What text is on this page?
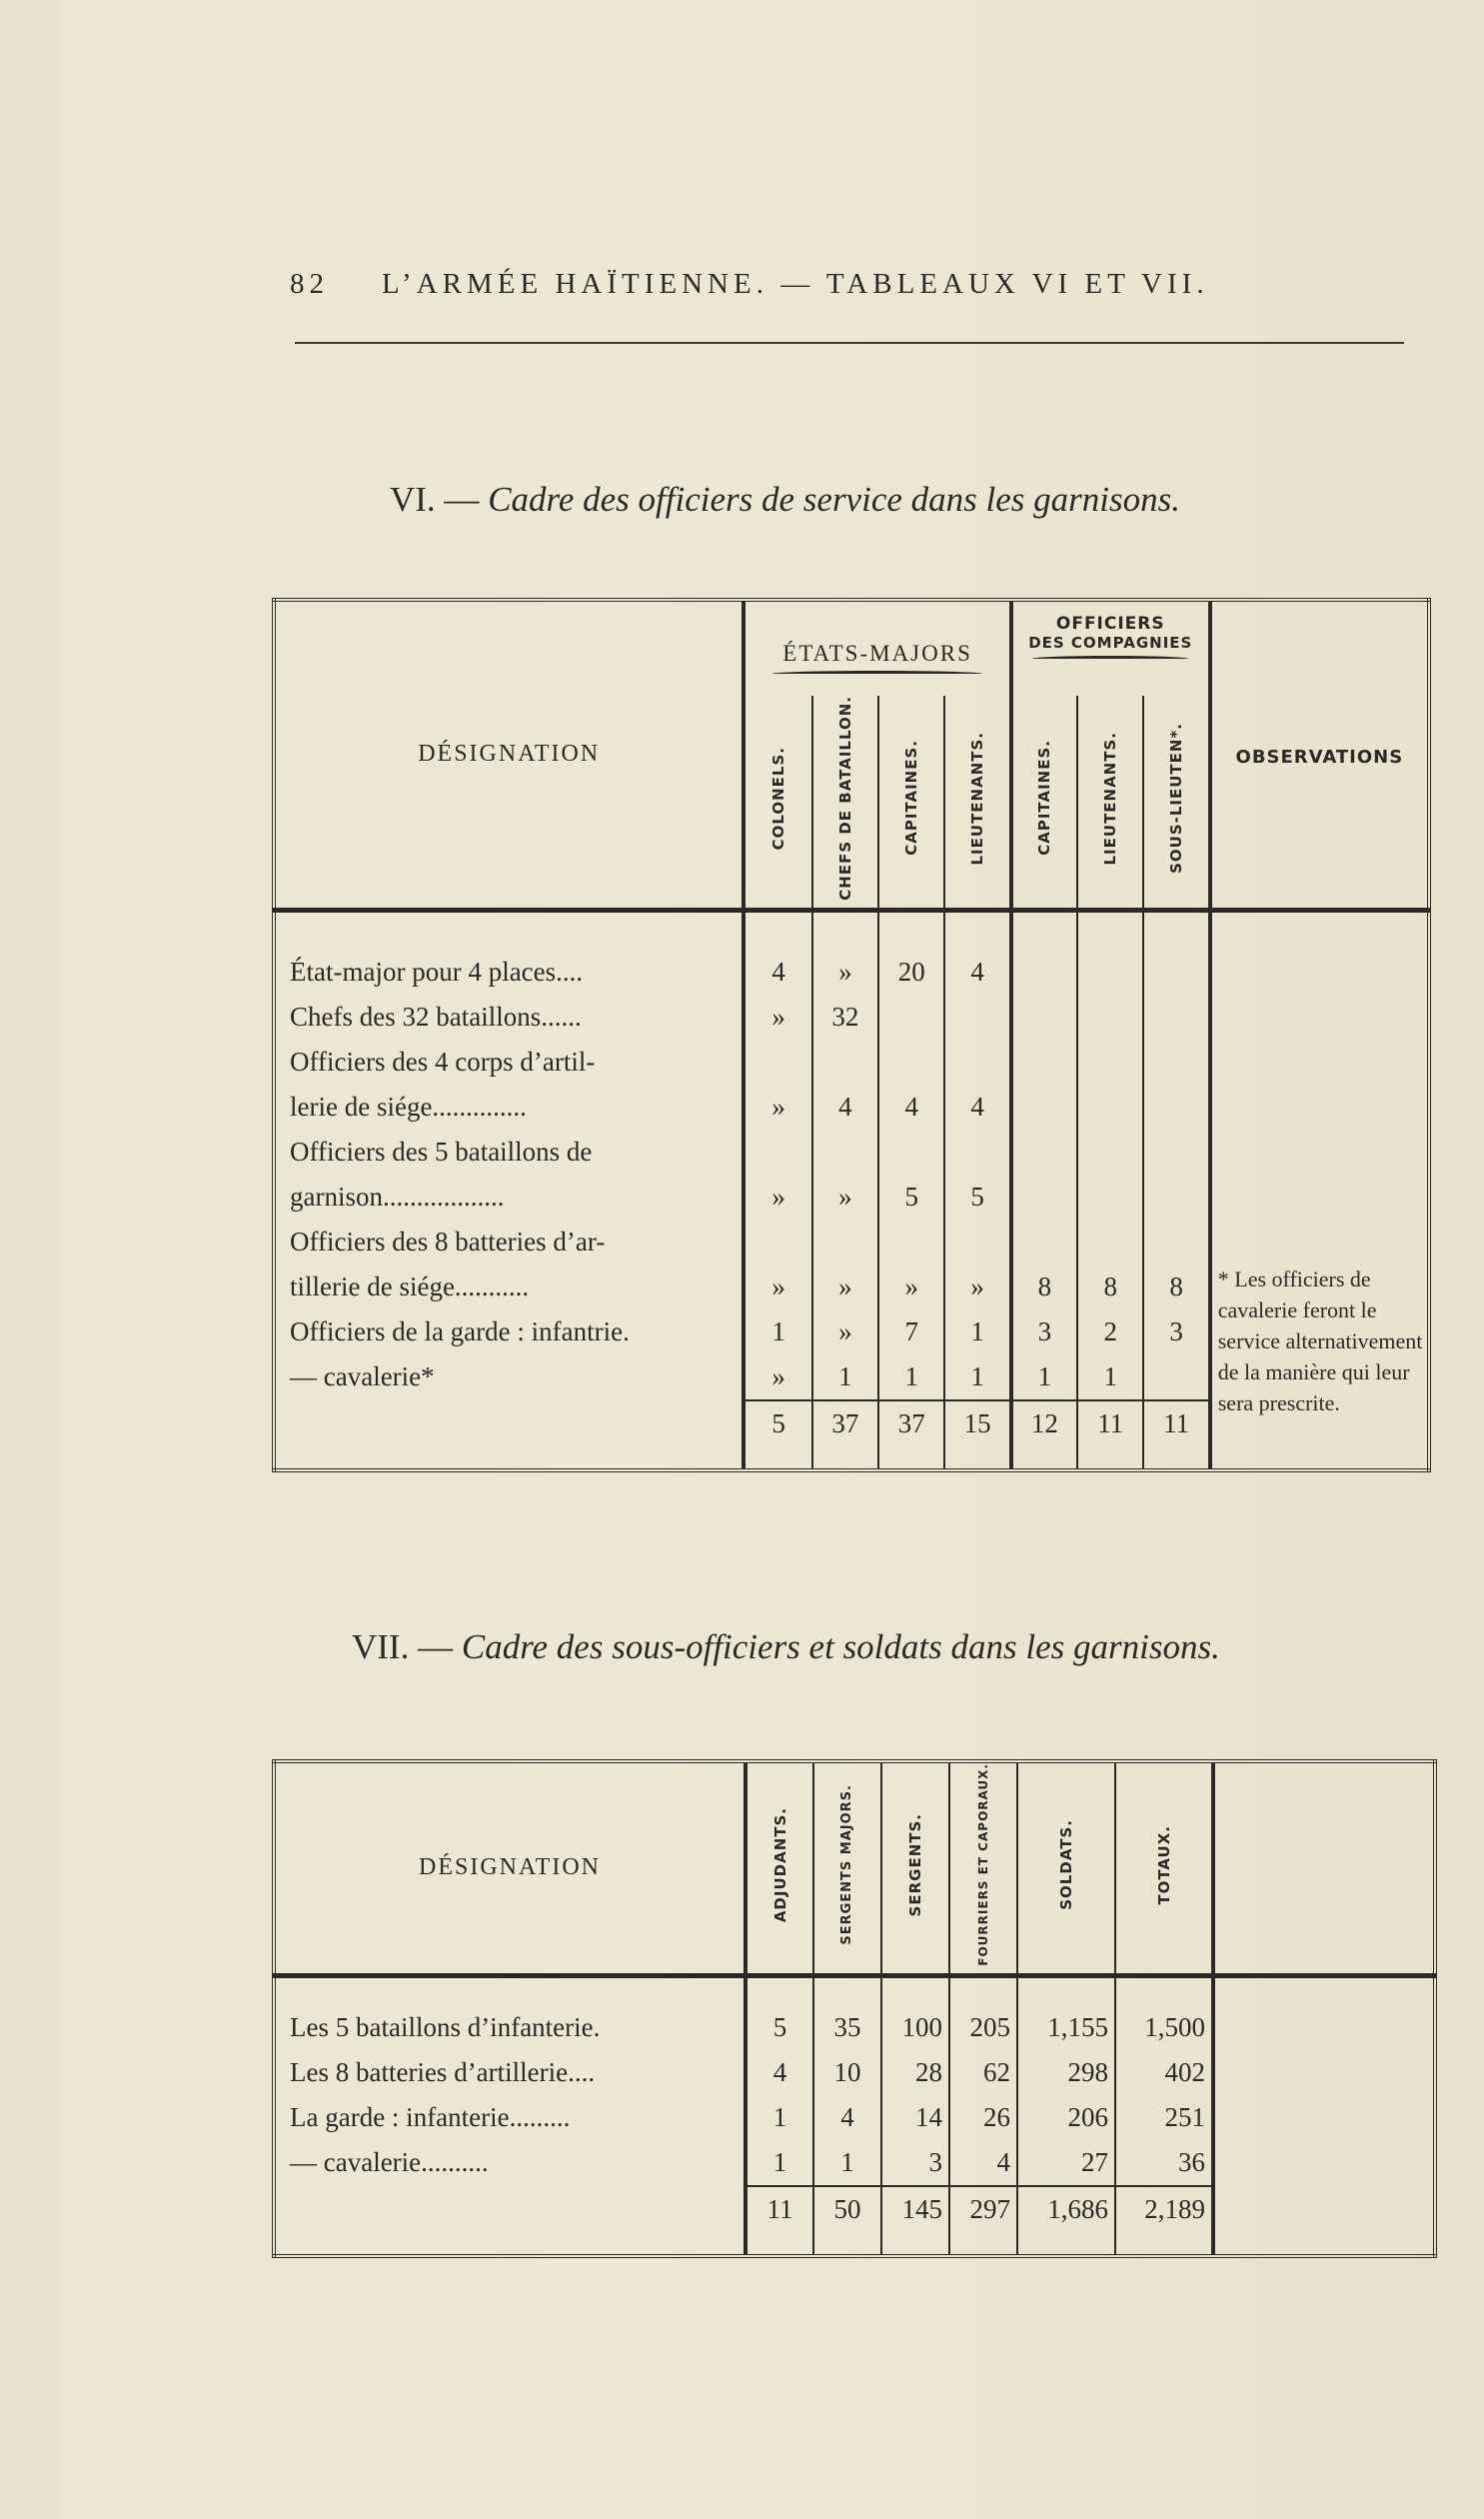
82 L’ARMÉE HAÏTIENNE. — TABLEAUX VI ET VII.
VI. — Cadre des officiers de service dans les garnisons.
DÉSIGNATION	ÉTATS-MAJORS				OFFICIERS
DES COMPAGNIES			OBSERVATIONS
	COLONELS.	CHEFS DE BATAILLON.	CAPITAINES.	LIEUTENANTS.	CAPITAINES.	LIEUTENANTS.	SOUS-LIEUTEN*.	

État-major pour 4 places....	4	»	20	4				* Les officiers de cavalerie feront le service alternativement de la manière qui leur sera prescrite.
Chefs des 32 bataillons......	»	32						
Officiers des 4 corps d’artil-								
lerie de siége..............	»	4	4	4				
Officiers des 5 bataillons de								
garnison..................	»	»	5	5				
Officiers des 8 batteries d’ar-								
tillerie de siége...........	»	»	»	»	8	8	8	
Officiers de la garde : infantrie.	1	»	7	1	3	2	3	
— cavalerie*	»	1	1	1	1	1		
	5	37	37	15	12	11	11	
VII. — Cadre des sous-officiers et soldats dans les garnisons.
DÉSIGNATION	ADJUDANTS.	SERGENTS MAJORS.	SERGENTS.	FOURRIERS ET CAPORAUX.	SOLDATS.	TOTAUX.	

Les 5 bataillons d’infanterie.	5	35	100	205	1,155	1,500	
Les 8 batteries d’artillerie....	4	10	28	62	298	402	
La garde : infanterie.........	1	4	14	26	206	251	
— cavalerie..........	1	1	3	4	27	36	
	11	50	145	297	1,686	2,189	
